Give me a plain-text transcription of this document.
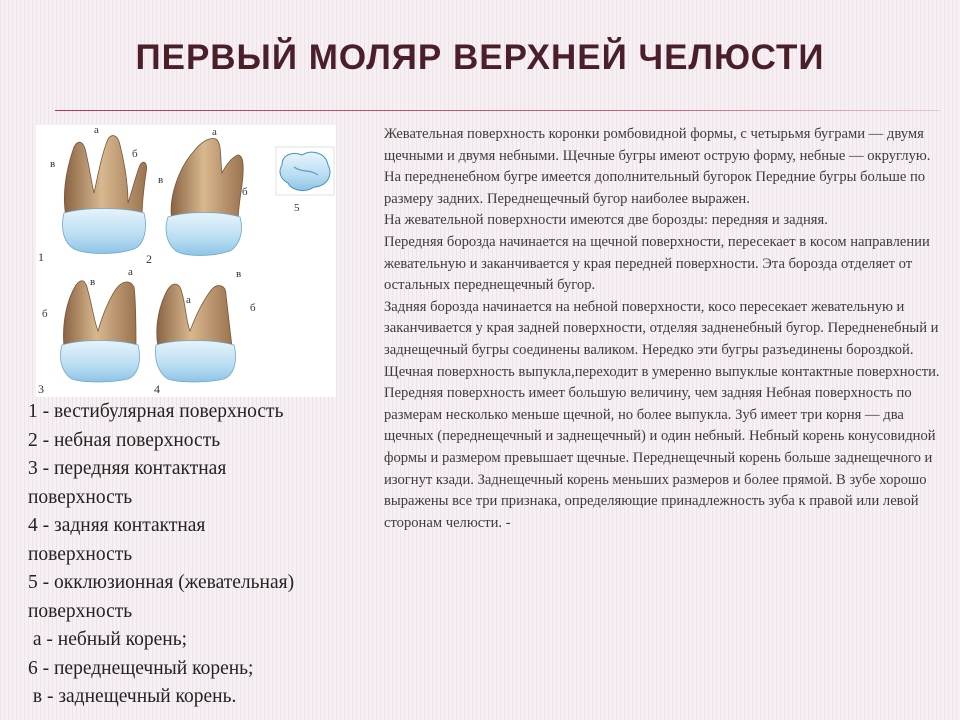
ПЕРВЫЙ МОЛЯР ВЕРХНЕЙ ЧЕЛЮСТИ
а
в
б
1
а
в
б
2
5
а
в
б
3
а
в
б
4
1 - вестибулярная поверхность
2 - небная поверхность
3 - передняя контактная
поверхность
4 - задняя контактная
поверхность
5 - окклюзионная (жевательная)
поверхность
а - небный корень;
6 - переднещечный корень;
в - заднещечный корень.

Жевательная поверхность коронки ромбовидной формы, с четырьмя буграми — двумя щечными и двумя небными. Щечные бугры имеют острую форму, небные — округлую. На передненебном бугре имеется дополнительный бугорок Передние бугры больше по размеру задних. Переднещечный бугор наиболее выражен.

На жевательной поверхности имеются две борозды: передняя и задняя.

Передняя борозда начинается на щечной поверхности, пересекает в косом направлении жевательную и заканчивается у края передней поверхности. Эта борозда отделяет от остальных переднещечный бугор.

Задняя борозда начинается на небной поверхности, косо пересекает жевательную и заканчивается у края задней поверхности, отделяя задненебный бугор. Передненебный и заднещечный бугры соединены валиком. Нередко эти бугры разъединены бороздкой.

Щечная поверхность выпукла,переходит в умеренно выпуклые контактные поверхности. Передняя поверхность имеет большую величину, чем задняя Небная поверхность по размерам несколько меньше щечной, но более выпукла. Зуб имеет три корня — два щечных (переднещечный и заднещечный) и один небный. Небный корень конусовидной формы и размером превышает щечные. Переднещечный корень больше заднещечного и изогнут кзади. Заднещечный корень меньших размеров и более прямой. В зубе хорошо выражены все три признака, определяющие принадлежность зуба к правой или левой сторонам челюсти. -
